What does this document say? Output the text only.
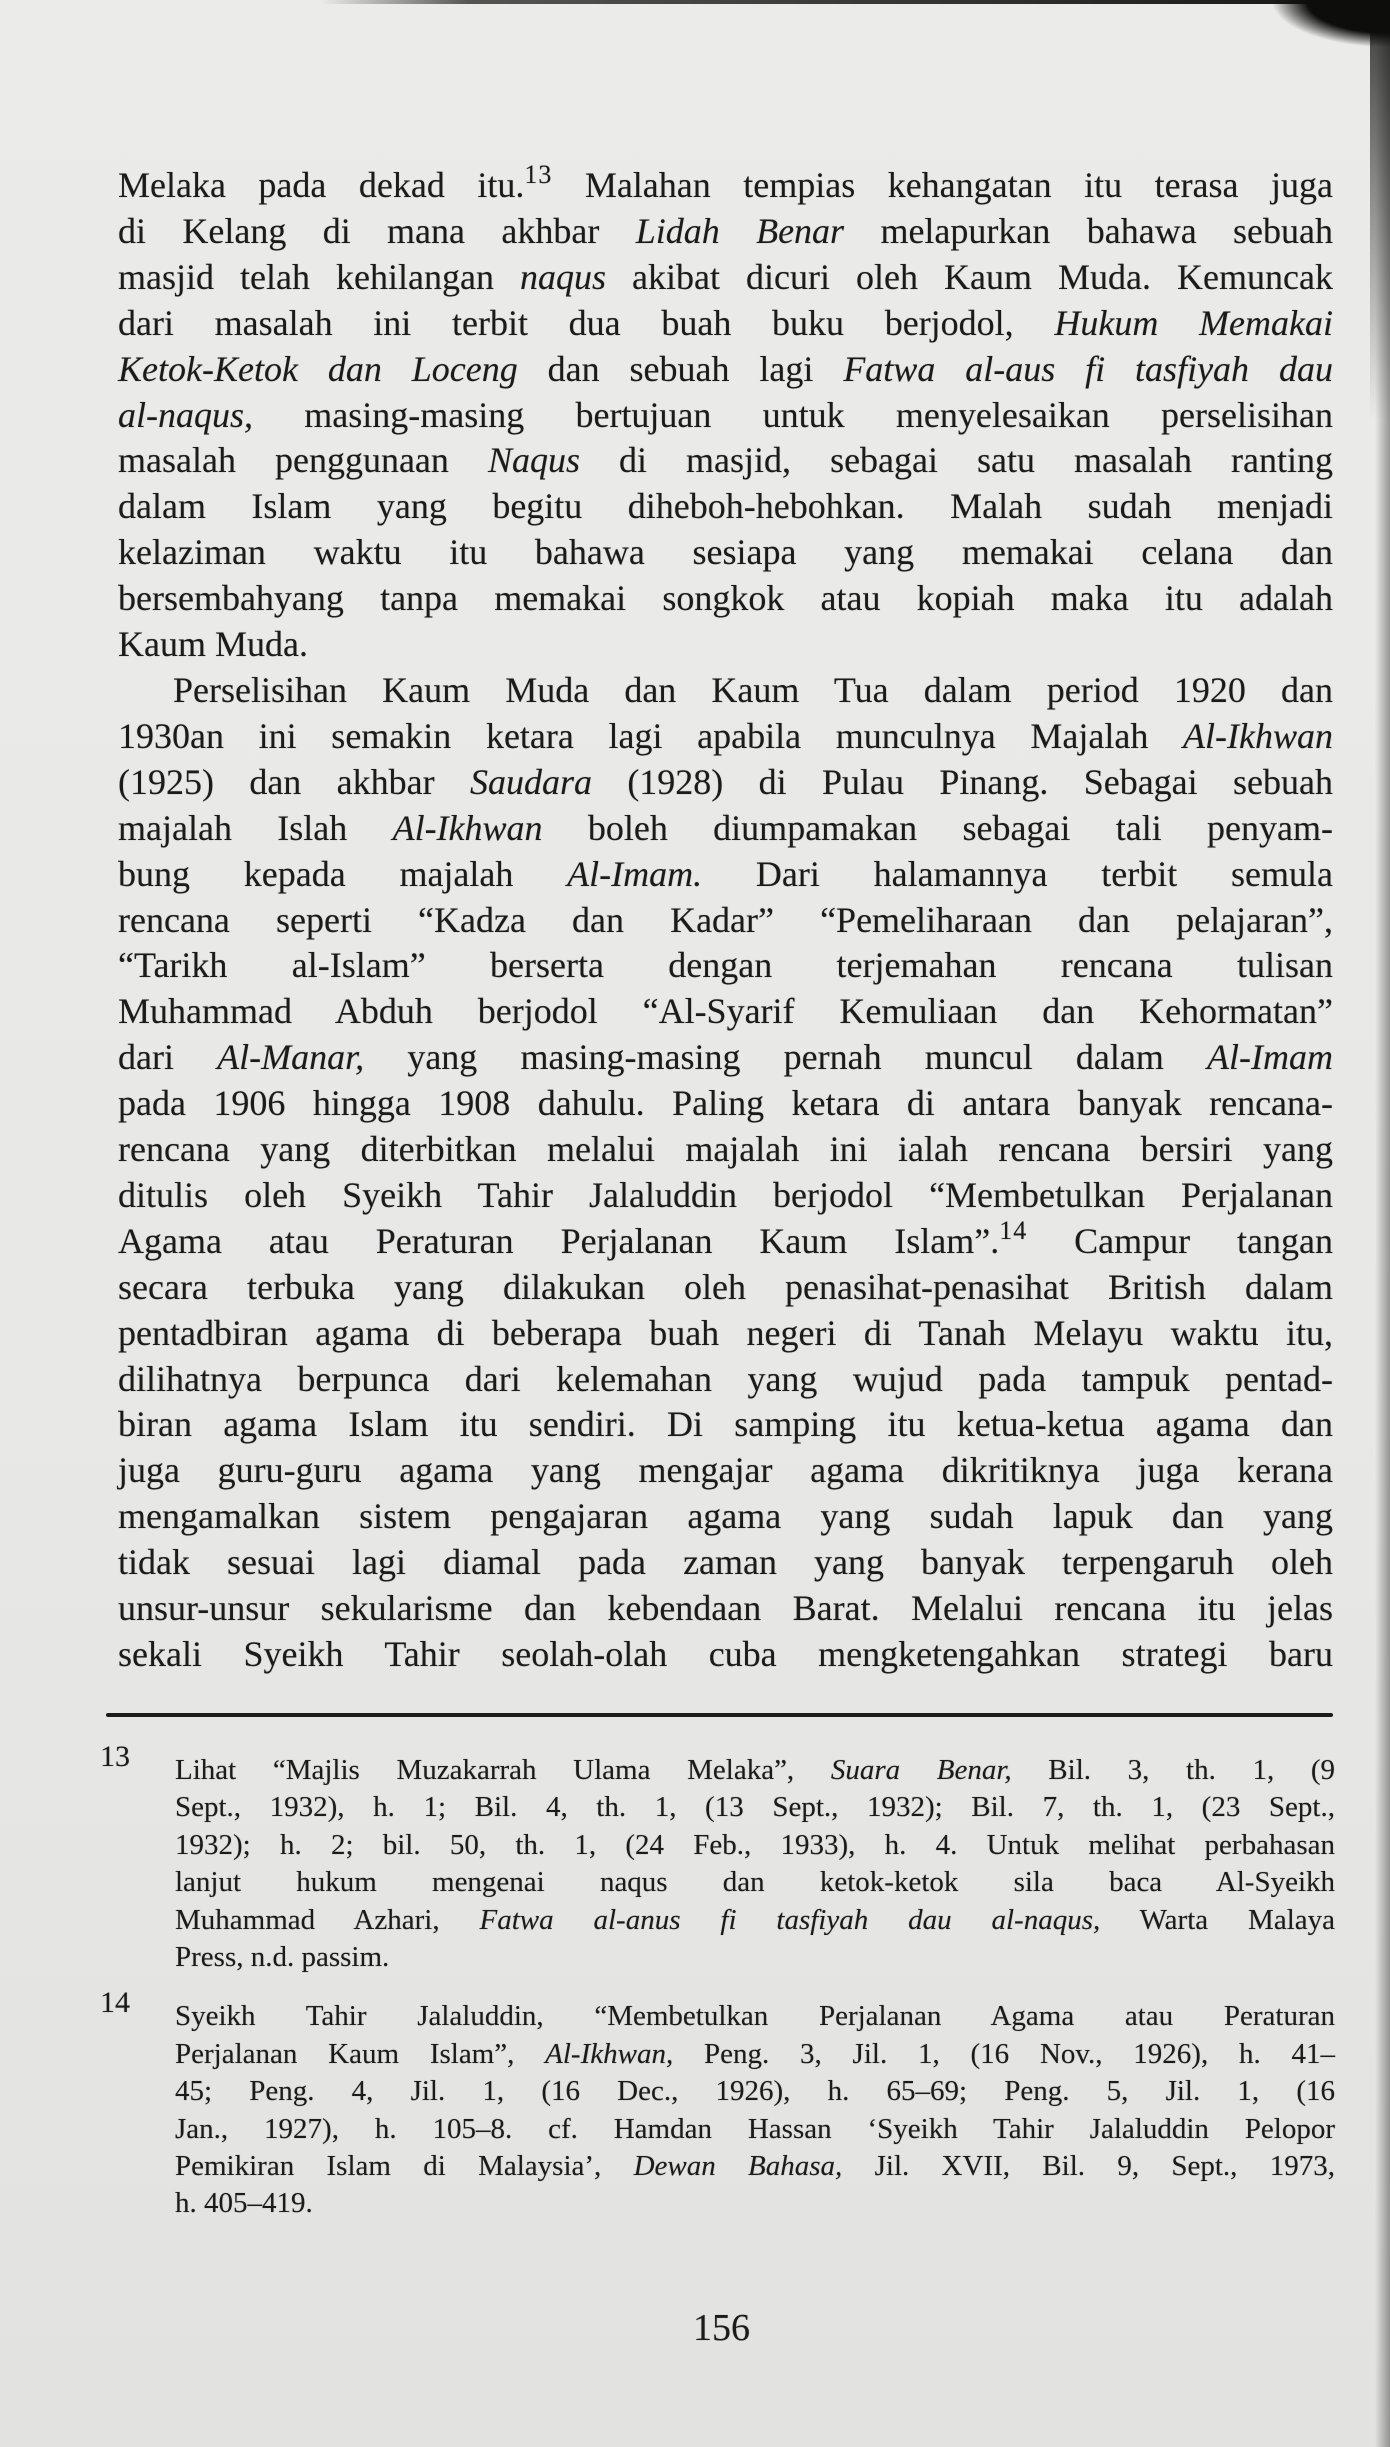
Melaka pada dekad itu.$^{13}$ Malahan tempias kehangatan itu terasa juga
di Kelang di mana akhbar Lidah Benar melapurkan bahawa sebuah
masjid telah kehilangan naqus akibat dicuri oleh Kaum Muda. Kemuncak
dari masalah ini terbit dua buah buku berjodol, Hukum Memakai
Ketok-Ketok dan Loceng dan sebuah lagi Fatwa al-aus fi tasfiyah dau
al-naqus, masing-masing bertujuan untuk menyelesaikan perselisihan
masalah penggunaan Naqus di masjid, sebagai satu masalah ranting
dalam Islam yang begitu diheboh-hebohkan. Malah sudah menjadi
kelaziman waktu itu bahawa sesiapa yang memakai celana dan
bersembahyang tanpa memakai songkok atau kopiah maka itu adalah
Kaum Muda.
Perselisihan Kaum Muda dan Kaum Tua dalam period 1920 dan
1930an ini semakin ketara lagi apabila munculnya Majalah Al-Ikhwan
(1925) dan akhbar Saudara (1928) di Pulau Pinang. Sebagai sebuah
majalah Islah Al-Ikhwan boleh diumpamakan sebagai tali penyam-
bung kepada majalah Al-Imam. Dari halamannya terbit semula
rencana seperti “Kadza dan Kadar” “Pemeliharaan dan pelajaran”,
“Tarikh al-Islam” berserta dengan terjemahan rencana tulisan
Muhammad Abduh berjodol “Al-Syarif Kemuliaan dan Kehormatan”
dari Al-Manar, yang masing-masing pernah muncul dalam Al-Imam
pada 1906 hingga 1908 dahulu. Paling ketara di antara banyak rencana-
rencana yang diterbitkan melalui majalah ini ialah rencana bersiri yang
ditulis oleh Syeikh Tahir Jalaluddin berjodol “Membetulkan Perjalanan
Agama atau Peraturan Perjalanan Kaum Islam”.$^{14}$ Campur tangan
secara terbuka yang dilakukan oleh penasihat-penasihat British dalam
pentadbiran agama di beberapa buah negeri di Tanah Melayu waktu itu,
dilihatnya berpunca dari kelemahan yang wujud pada tampuk pentad-
biran agama Islam itu sendiri. Di samping itu ketua-ketua agama dan
juga guru-guru agama yang mengajar agama dikritiknya juga kerana
mengamalkan sistem pengajaran agama yang sudah lapuk dan yang
tidak sesuai lagi diamal pada zaman yang banyak terpengaruh oleh
unsur-unsur sekularisme dan kebendaan Barat. Melalui rencana itu jelas
sekali Syeikh Tahir seolah-olah cuba mengketengahkan strategi baru
13 Lihat “Majlis Muzakarrah Ulama Melaka”, Suara Benar, Bil. 3, th. 1, (9
Sept., 1932), h. 1; Bil. 4, th. 1, (13 Sept., 1932); Bil. 7, th. 1, (23 Sept.,
1932); h. 2; bil. 50, th. 1, (24 Feb., 1933), h. 4. Untuk melihat perbahasan
lanjut hukum mengenai naqus dan ketok-ketok sila baca Al-Syeikh
Muhammad Azhari, Fatwa al-anus fi tasfiyah dau al-naqus, Warta Malaya
Press, n.d. passim.
14 Syeikh Tahir Jalaluddin, “Membetulkan Perjalanan Agama atau Peraturan
Perjalanan Kaum Islam”, Al-Ikhwan, Peng. 3, Jil. 1, (16 Nov., 1926), h. 41–
45; Peng. 4, Jil. 1, (16 Dec., 1926), h. 65–69; Peng. 5, Jil. 1, (16
Jan., 1927), h. 105–8. cf. Hamdan Hassan ‘Syeikh Tahir Jalaluddin Pelopor
Pemikiran Islam di Malaysia’, Dewan Bahasa, Jil. XVII, Bil. 9, Sept., 1973,
h. 405–419.
156
